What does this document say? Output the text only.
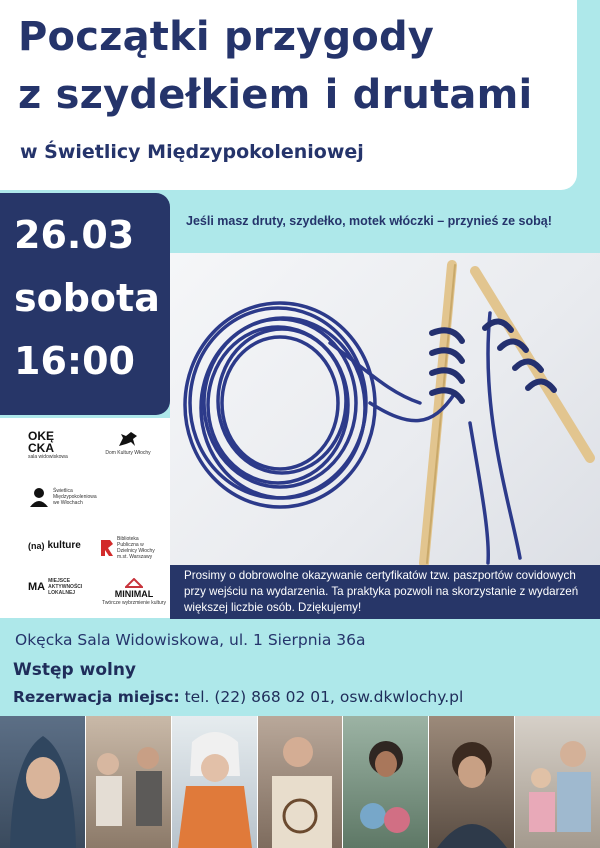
Początki przygody
z szydełkiem i drutami
w Świetlicy Międzypokoleniowej
26.03
sobota
16:00
Jeśli masz druty, szydełko, motek włóczki – przynieś ze sobą!
OKĘ
CKA
sala widowiskowa
Dom Kultury Włochy
Świetlica Międzypokoleniowa we Włochach
(na) kulture
Biblioteka Publiczna w Dzielnicy Włochy m.st. Warszawy
MA MIEJSCE AKTYWNOŚCI LOKALNEJ	MINIMAL
Twórcze wybrzmienie kultury
Prosimy o dobrowolne okazywanie certyfikatów tzw. paszportów covidowych
przy wejściu na wydarzenia. Ta praktyka pozwoli na skorzystanie z wydarzeń
większej liczbie osób. Dziękujemy!
Okęcka Sala Widowiskowa, ul. 1 Sierpnia 36a
Wstęp wolny
Rezerwacja miejsc: tel. (22) 868 02 01, osw.dkwlochy.pl
